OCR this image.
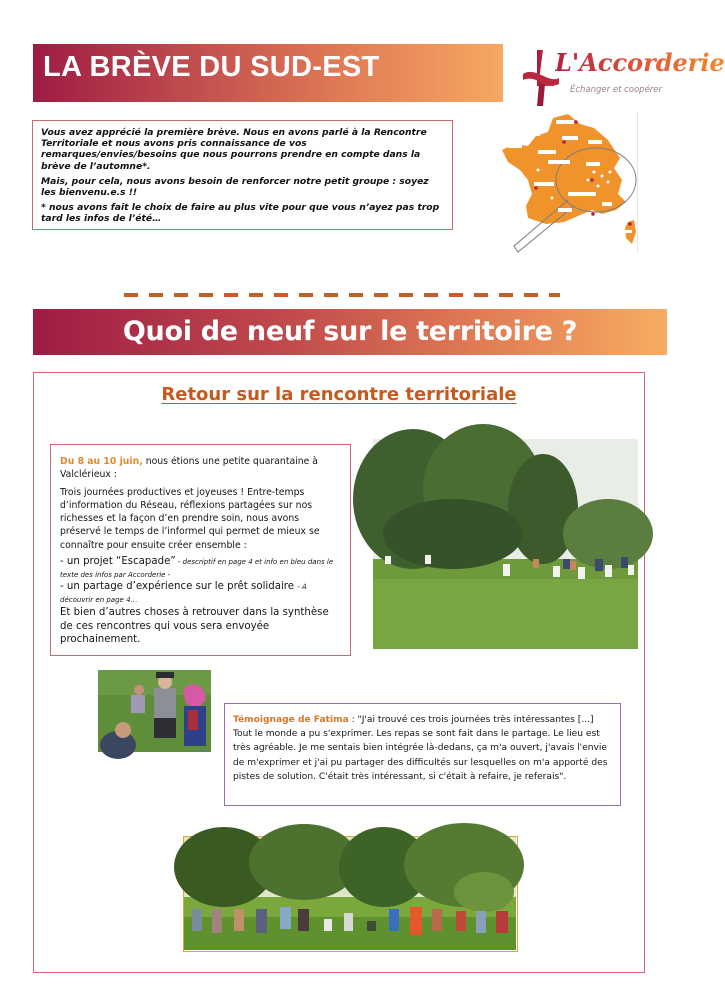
LA BRÈVE DU SUD-EST	L'Accorderie
Échanger et coopérer

Vous avez apprécié la première brève. Nous en avons parlé à la Rencontre Territoriale et nous avons pris connaissance de vos remarques/envies/besoins que nous pourrons prendre en compte dans la brève de l’automne*.

Mais, pour cela, nous avons besoin de renforcer notre petit groupe : soyez les bienvenu.e.s !!

* nous avons fait le choix de faire au plus vite pour que vous n’ayez pas trop tard les infos de l’été…

Quoi de neuf sur le territoire ?
Retour sur la rencontre territoriale

Du 8 au 10 juin, nous étions une petite quarantaine à Valclérieux :

Trois journées productives et joyeuses ! Entre-temps d’information du Réseau, réflexions partagées sur nos richesses et la façon d’en prendre soin, nous avons préservé le temps de l’informel qui permet de mieux se connaître pour ensuite créer ensemble :

- un projet “Escapade” - descriptif en page 4 et info en bleu dans le texte des infos par Accorderie -
- un partage d’expérience sur le prêt solidaire - À découvrir en page 4…
Et bien d’autres choses à retrouver dans la synthèse de ces rencontres qui vous sera envoyée prochainement.
Témoignage de Fatima : "J'ai trouvé ces trois journées très intéressantes [...] Tout le monde a pu s'exprimer. Les repas se sont fait dans le partage. Le lieu est très agréable. Je me sentais bien intégrée là-dedans, ça m'a ouvert, j'avais l'envie de m'exprimer et j'ai pu partager des difficultés sur lesquelles on m'a apporté des pistes de solution. C'était très intéressant, si c'était à refaire, je referais".
